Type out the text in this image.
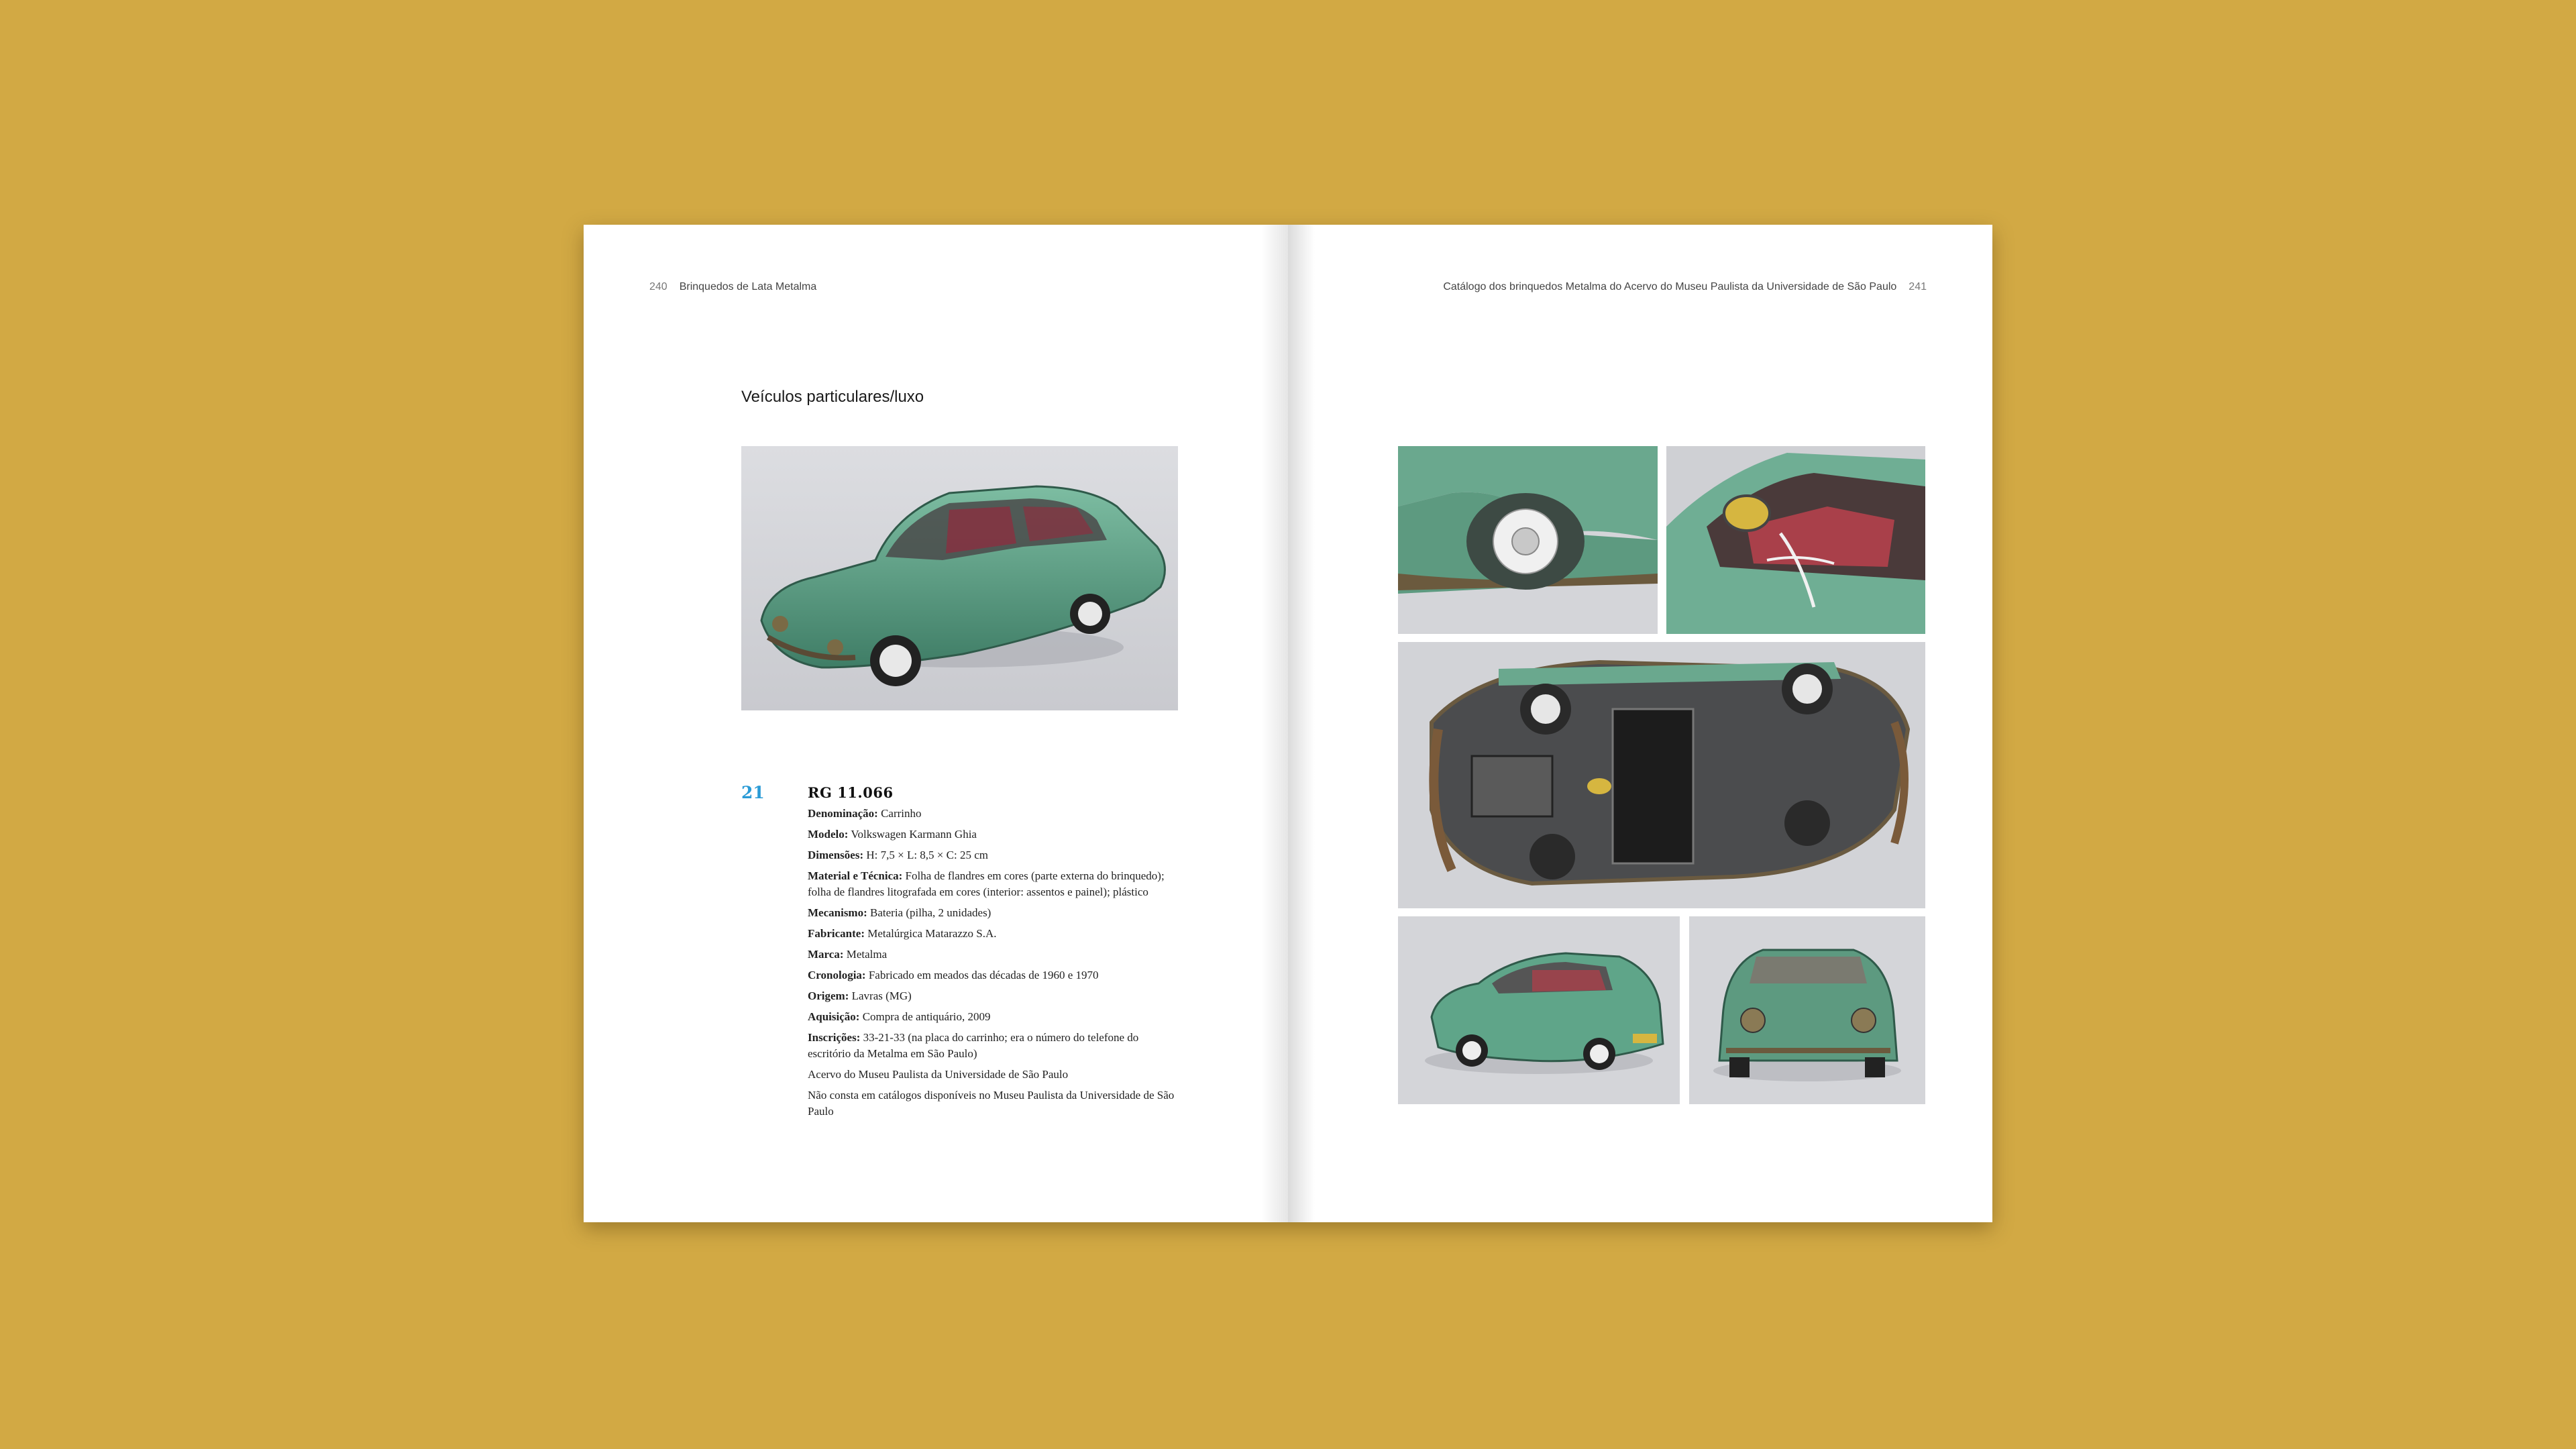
240 Brinquedos de Lata Metalma
Veículos particulares/luxo
21	RG 11.066
Denominação: Carrinho
Modelo: Volkswagen Karmann Ghia
Dimensões: H: 7,5 × L: 8,5 × C: 25 cm
Material e Técnica: Folha de flandres em cores (parte externa do brinquedo); folha de flandres litografada em cores (interior: assentos e painel); plástico
Mecanismo: Bateria (pilha, 2 unidades)
Fabricante: Metalúrgica Matarazzo S.A.
Marca: Metalma
Cronologia: Fabricado em meados das décadas de 1960 e 1970
Origem: Lavras (MG)
Aquisição: Compra de antiquário, 2009
Inscrições: 33-21-33 (na placa do carrinho; era o número do telefone do escritório da Metalma em São Paulo)
Acervo do Museu Paulista da Universidade de São Paulo
Não consta em catálogos disponíveis no Museu Paulista da Universidade de São Paulo
Catálogo dos brinquedos Metalma do Acervo do Museu Paulista da Universidade de São Paulo 241
